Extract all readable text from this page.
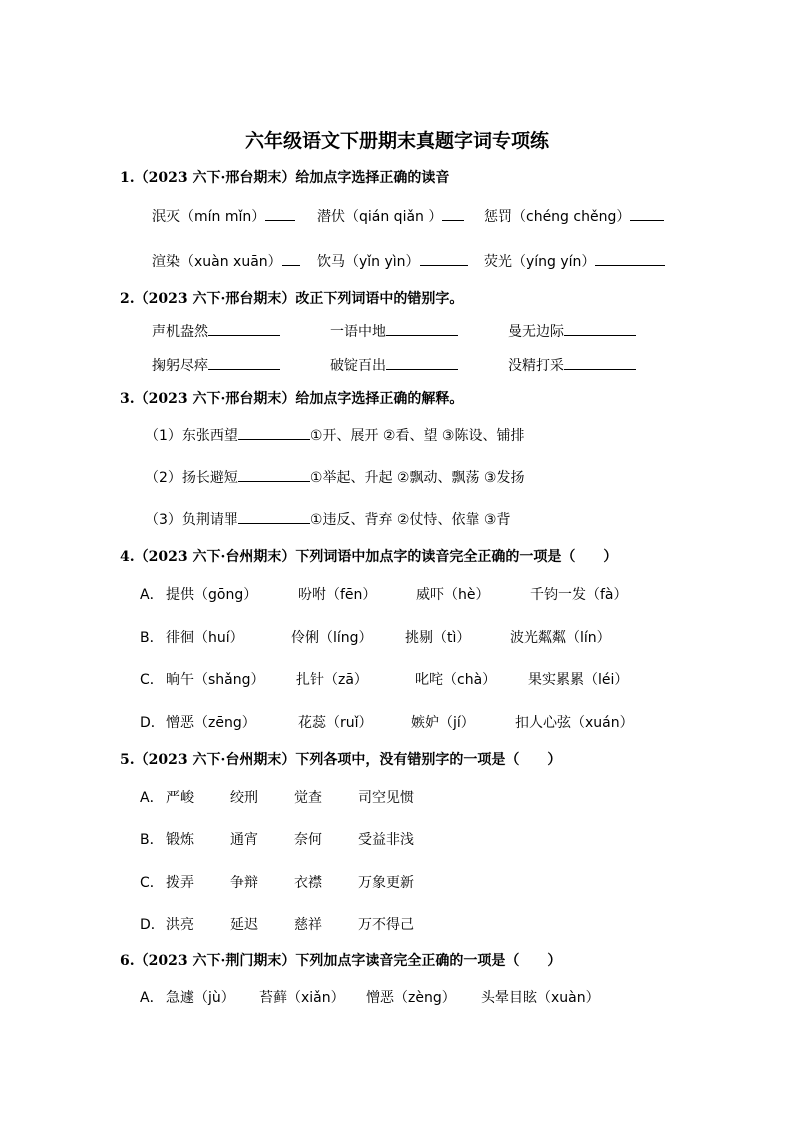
六年级语文下册期末真题字词专项练
1.（2023 六下·邢台期末）给加点字选择正确的读音
泯灭（mín mǐn）	潜伏（qián qiǎn ）	惩罚（chéng chěng）
渲染（xuàn xuān）	饮马（yǐn yìn）	荧光（yíng yín）
2.（2023 六下·邢台期末）改正下列词语中的错别字。
声机盎然	一语中地	曼无边际
掬躬尽瘁	破锭百出	没精打采
3.（2023 六下·邢台期末）给加点字选择正确的解释。
（1）东张西望	①开、展开 ②看、望 ③陈设、铺排
（2）扬长避短	①举起、升起 ②飘动、飘荡 ③发扬
（3）负荆请罪	①违反、背弃 ②仗恃、依靠 ③背
4.（2023 六下·台州期末）下列词语中加点字的读音完全正确的一项是（　　）
A． 提供（gōng）	吩咐（fēn）	威吓（hè）	千钧一发（fà）
B． 徘徊（huí）	伶俐（líng） 挑剔（tì）	波光粼粼（lín）
C． 晌午（shǎng） 扎针（zā）	叱咤（chà） 果实累累（léi）
D． 憎恶（zēng）	花蕊（ruǐ）	嫉妒（jí）	扣人心弦（xuán）
5.（2023 六下·台州期末）下列各项中，没有错别字的一项是（　　）
A． 严峻	绞刑	觉查	司空见惯
B． 锻炼	通宵	奈何	受益非浅
C． 拨弄	争辩	衣襟	万象更新
D． 洪亮	延迟	慈祥	万不得己
6.（2023 六下·荆门期末）下列加点字读音完全正确的一项是（　　）
A． 急遽（jù） 苔藓（xiǎn） 憎恶（zèng） 头晕目眩（xuàn）
